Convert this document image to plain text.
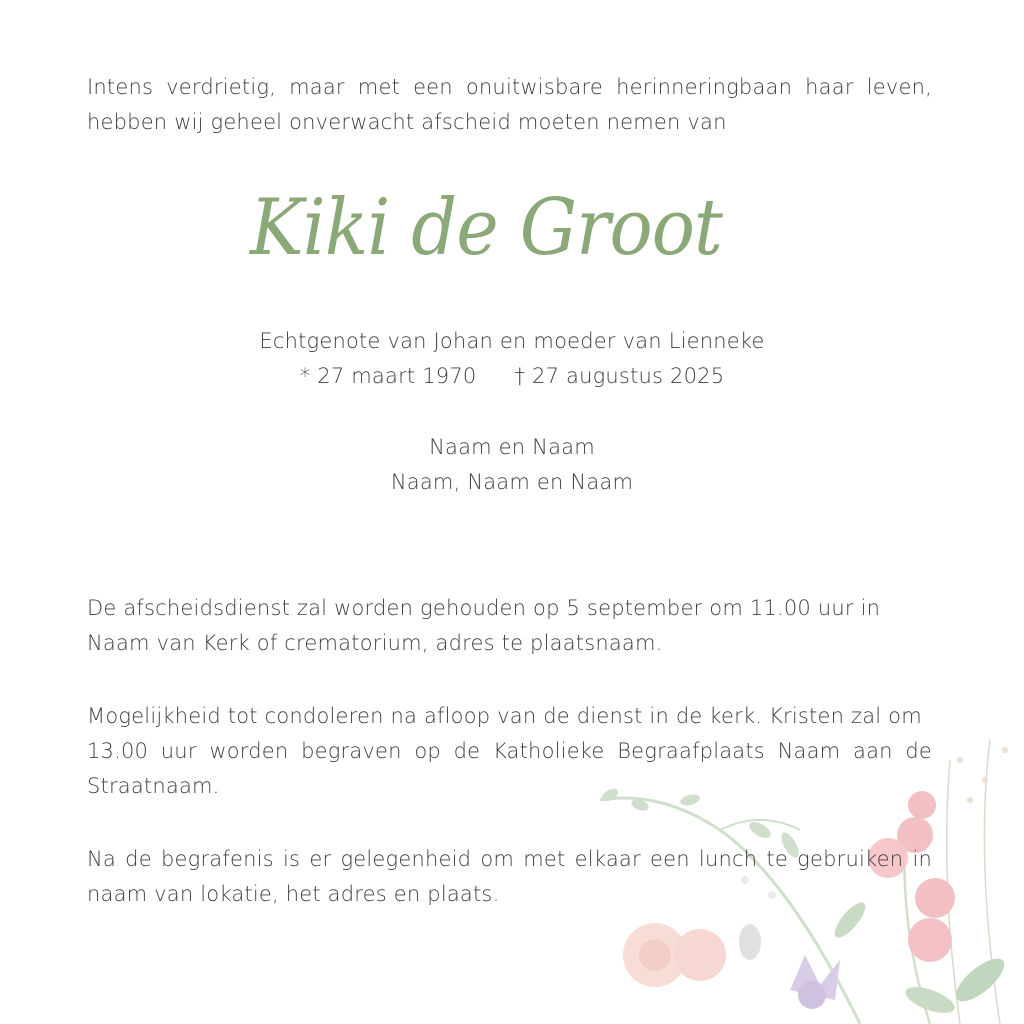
Intens verdrietig, maar met een onuitwisbare herinneringbaan haar leven,
hebben wij geheel onverwacht afscheid moeten nemen van
Kiki de Groot
Echtgenote van Johan en moeder van Lienneke
* 27 maart 1970 † 27 augustus 2025
Naam en Naam
Naam, Naam en Naam
De afscheidsdienst zal worden gehouden op 5 september om 11.00 uur in
Naam van Kerk of crematorium, adres te plaatsnaam.
Mogelijkheid tot condoleren na afloop van de dienst in de kerk. Kristen zal om
13.00 uur worden begraven op de Katholieke Begraafplaats Naam aan de
Straatnaam.
Na de begrafenis is er gelegenheid om met elkaar een lunch te gebruiken in
naam van lokatie, het adres en plaats.
